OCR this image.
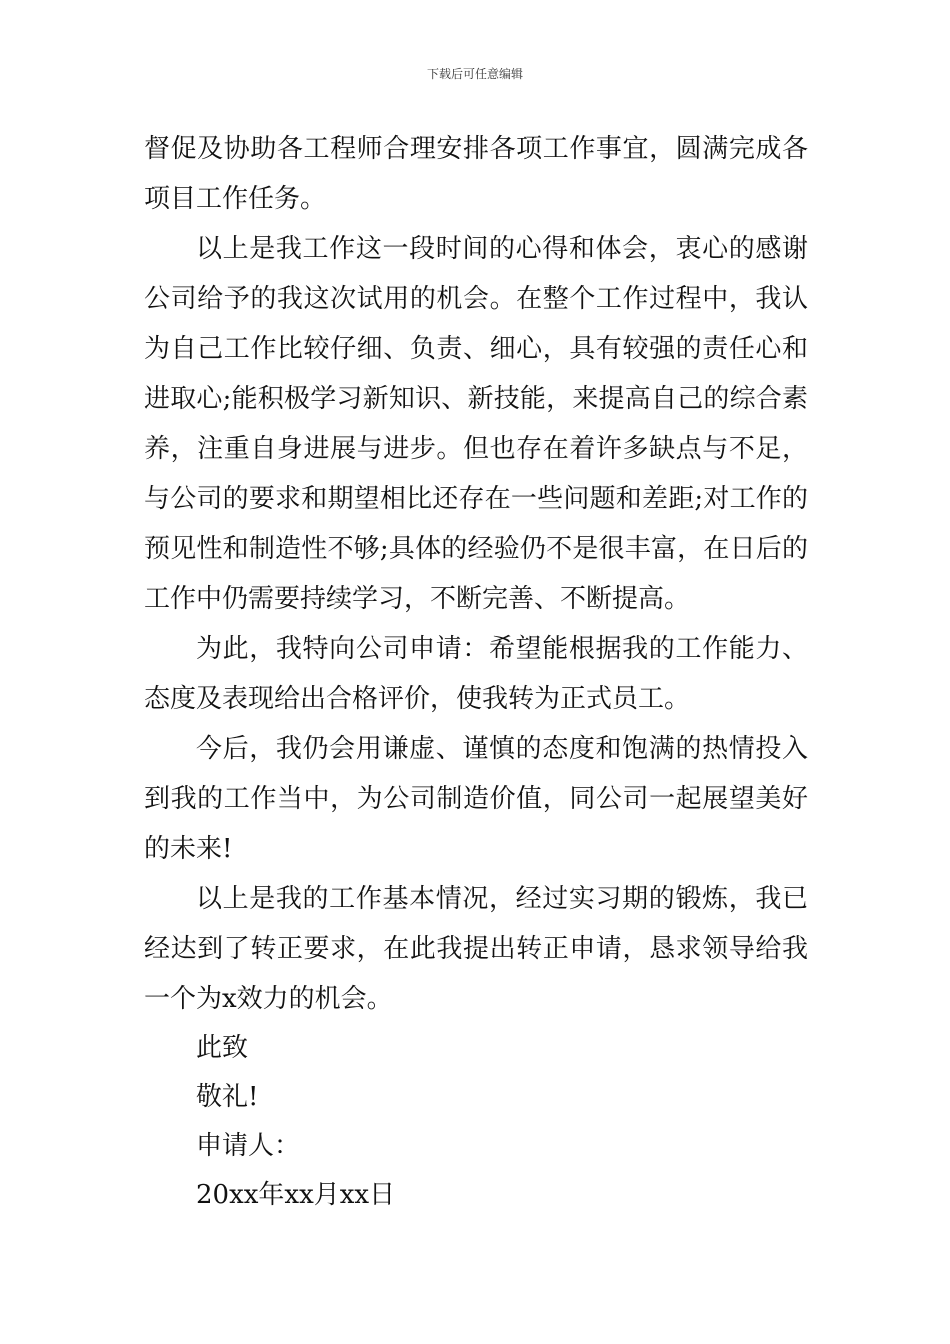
下载后可任意编辑

督促及协助各工程师合理安排各项工作事宜，圆满完成各项目工作任务。

以上是我工作这一段时间的心得和体会，衷心的感谢公司给予的我这次试用的机会。在整个工作过程中，我认为自己工作比较仔细、负责、细心，具有较强的责任心和进取心;能积极学习新知识、新技能，来提高自己的综合素养，注重自身进展与进步。但也存在着许多缺点与不足，与公司的要求和期望相比还存在一些问题和差距;对工作的预见性和制造性不够;具体的经验仍不是很丰富，在日后的工作中仍需要持续学习，不断完善、不断提高。

为此，我特向公司申请：希望能根据我的工作能力、态度及表现给出合格评价，使我转为正式员工。

今后，我仍会用谦虚、谨慎的态度和饱满的热情投入到我的工作当中，为公司制造价值，同公司一起展望美好的未来!

以上是我的工作基本情况，经过实习期的锻炼，我已经达到了转正要求，在此我提出转正申请，恳求领导给我一个为x效力的机会。

此致

敬礼!

申请人：

20xx年xx月xx日
